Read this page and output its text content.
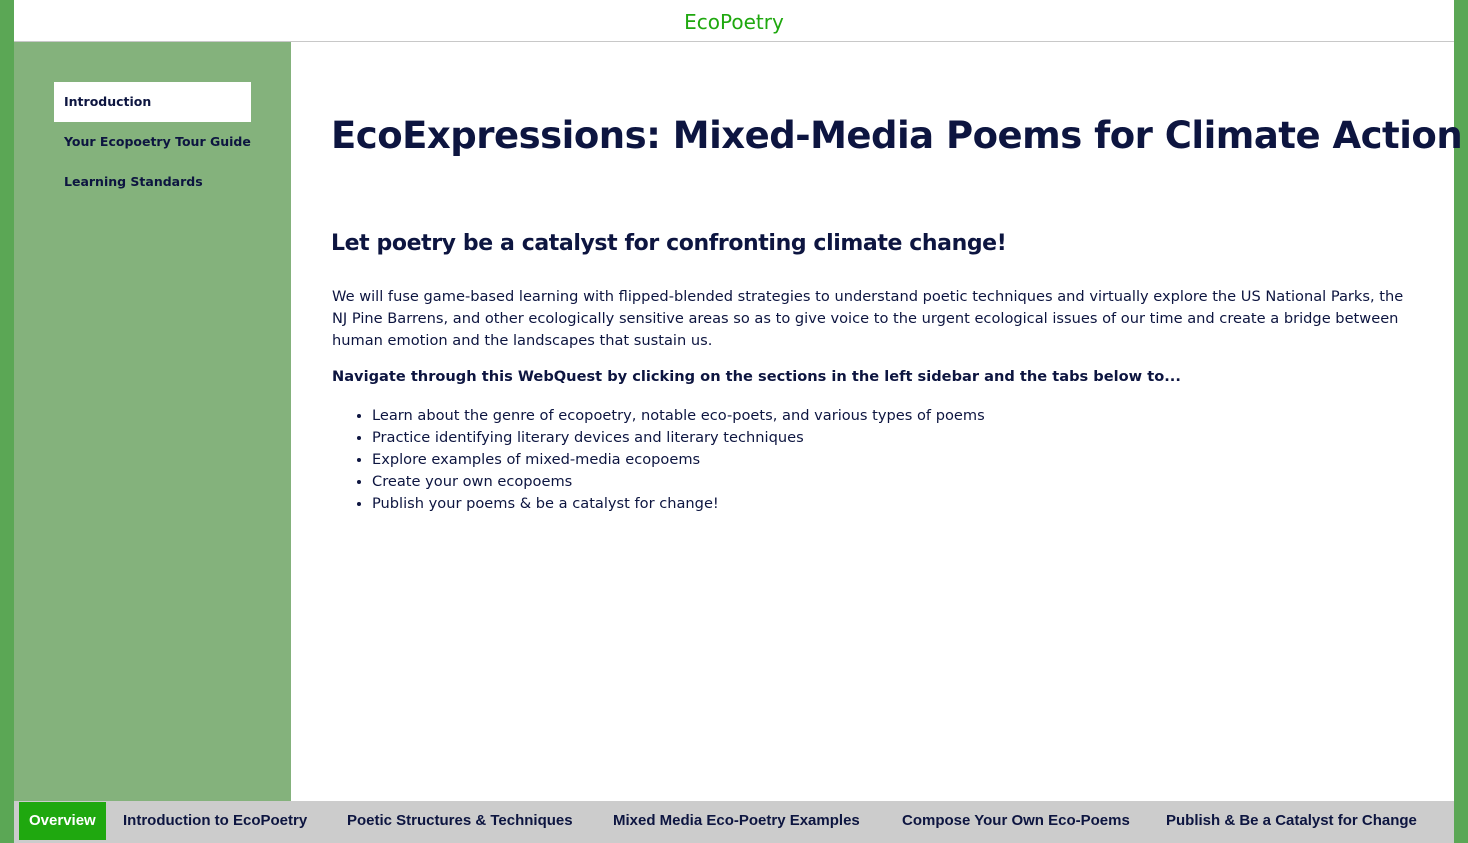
EcoPoetry
Introduction
Your Ecopoetry Tour Guide
Learning Standards
EcoExpressions: Mixed-Media Poems for Climate Action
Let poetry be a catalyst for confronting climate change!

We will fuse game-based learning with flipped-blended strategies to understand poetic techniques and virtually explore the US National Parks, the NJ Pine Barrens, and other ecologically sensitive areas so as to give voice to the urgent ecological issues of our time and create a bridge between human emotion and the landscapes that sustain us.

Navigate through this WebQuest by clicking on the sections in the left sidebar and the tabs below to...

• Learn about the genre of ecopoetry, notable eco-poets, and various types of poems
• Practice identifying literary devices and literary techniques
• Explore examples of mixed-media ecopoems
• Create your own ecopoems
• Publish your poems & be a catalyst for change!
Overview	Introduction to EcoPoetry	Poetic Structures & Techniques	Mixed Media Eco-Poetry Examples	Compose Your Own Eco-Poems	Publish & Be a Catalyst for Change
